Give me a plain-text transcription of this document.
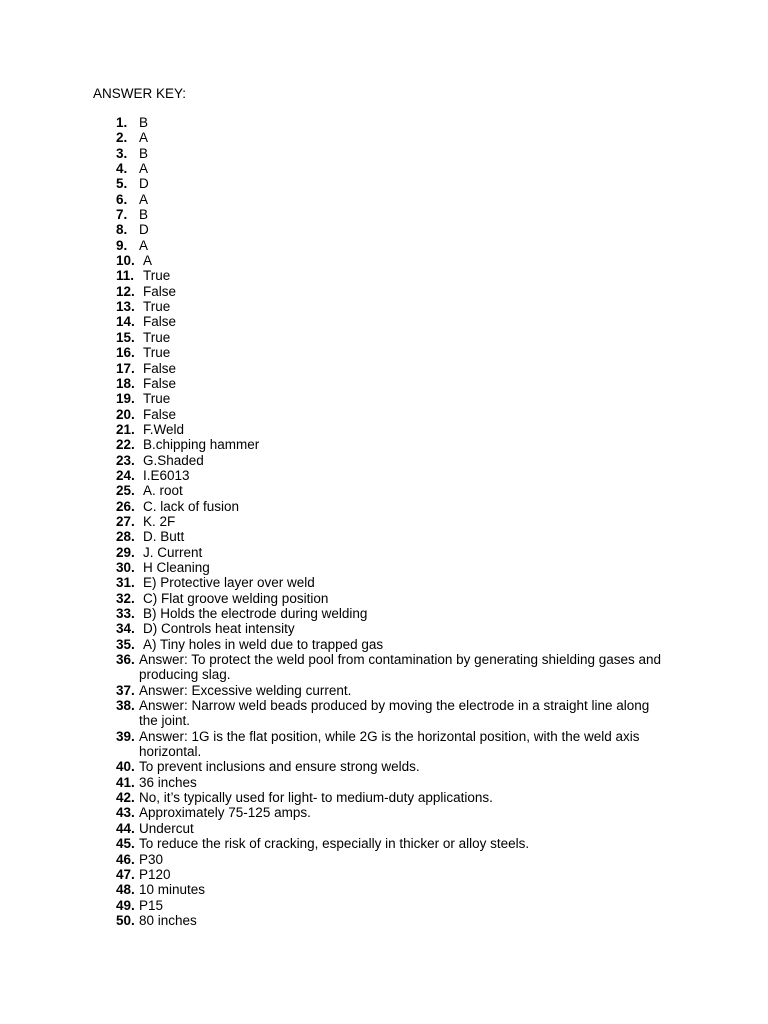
ANSWER KEY:
1. B
2. A
3. B
4. A
5. D
6. A
7. B
8. D
9. A
10. A
11. True
12. False
13. True
14. False
15. True
16. True
17. False
18. False
19. True
20. False
21. F.Weld
22. B.chipping hammer
23. G.Shaded
24. I.E6013
25. A. root
26. C. lack of fusion
27. K. 2F
28. D. Butt
29. J. Current
30. H Cleaning
31. E) Protective layer over weld
32. C) Flat groove welding position
33. B) Holds the electrode during welding
34. D) Controls heat intensity
35. A) Tiny holes in weld due to trapped gas
36. Answer: To protect the weld pool from contamination by generating shielding gases and producing slag.
37. Answer: Excessive welding current.
38. Answer: Narrow weld beads produced by moving the electrode in a straight line along the joint.
39. Answer: 1G is the flat position, while 2G is the horizontal position, with the weld axis horizontal.
40. To prevent inclusions and ensure strong welds.
41. 36 inches
42. No, it’s typically used for light- to medium-duty applications.
43. Approximately 75-125 amps.
44. Undercut
45. To reduce the risk of cracking, especially in thicker or alloy steels.
46. P30
47. P120
48. 10 minutes
49. P15
50. 80 inches
